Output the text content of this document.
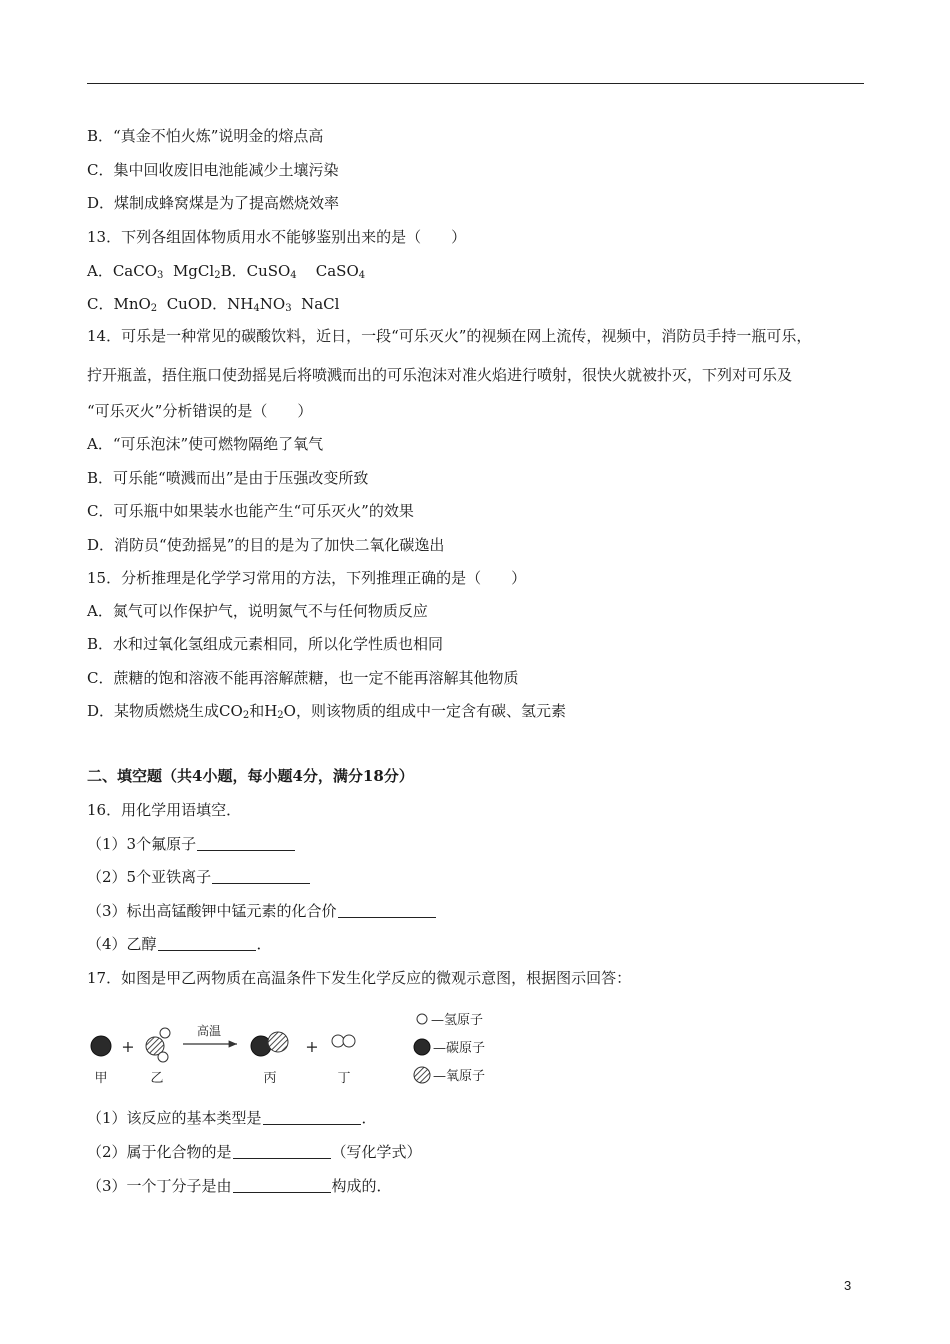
B．“真金不怕火炼”说明金的熔点高
C．集中回收废旧电池能减少土壤污染
D．煤制成蜂窝煤是为了提高燃烧效率
13．下列各组固体物质用水不能够鉴别出来的是（　　）
A．CaCO$_3$  MgCl$_2$B．CuSO$_4$    CaSO$_4$
C．MnO$_2$  CuOD．$NH_4NO_3$  NaCl
14．可乐是一种常见的碳酸饮料，近日，一段“可乐灭火”的视频在网上流传，视频中，消防员手持一瓶可乐，
拧开瓶盖，捂住瓶口使劲摇晃后将喷溅而出的可乐泡沫对准火焰进行喷射，很快火就被扑灭，下列对可乐及
“可乐灭火”分析错误的是（　　）
A．“可乐泡沫”使可燃物隔绝了氧气
B．可乐能“喷溅而出”是由于压强改变所致
C．可乐瓶中如果装水也能产生“可乐灭火”的效果
D．消防员“使劲摇晃”的目的是为了加快二氧化碳逸出
15．分析推理是化学学习常用的方法，下列推理正确的是（　　）
A．氮气可以作保护气，说明氮气不与任何物质反应
B．水和过氧化氢组成元素相同，所以化学性质也相同
C．蔗糖的饱和溶液不能再溶解蔗糖，也一定不能再溶解其他物质
D．某物质燃烧生成$CO_2$和$H_2O$，则该物质的组成中一定含有碳、氢元素
二、填空题（共4小题，每小题4分，满分18分）
16．用化学用语填空．
（1）3个氟原子
（2）5个亚铁离子
（3）标出高锰酸钾中锰元素的化合价
（4）乙醇	．
17．如图是甲乙两物质在高温条件下发生化学反应的微观示意图，根据图示回答：
甲
+
乙
高温
丙
+
丁
—氢原子
—碳原子
—氧原子
（1）该反应的基本类型是	．
（2）属于化合物的是	（写化学式）
（3）一个丁分子是由	构成的．
3
